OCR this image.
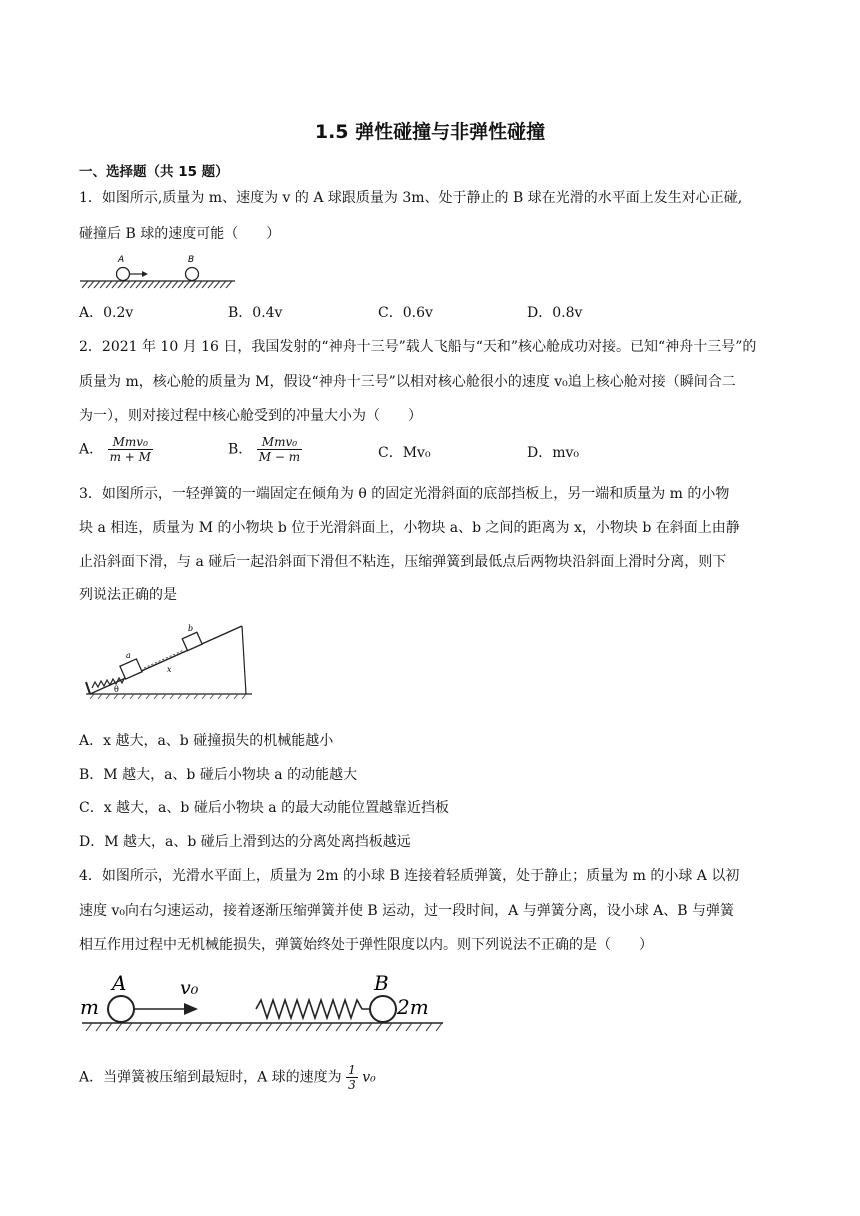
1.5 弹性碰撞与非弹性碰撞
一、选择题（共 15 题）
1．如图所示,质量为 m、速度为 v 的 A 球跟质量为 3m、处于静止的 B 球在光滑的水平面上发生对心正碰,
碰撞后 B 球的速度可能（　　）
A	B
A．0.2v	B．0.4v	C．0.6v	D．0.8v
2．2021 年 10 月 16 日，我国发射的“神舟十三号”载人飞船与“天和”核心舱成功对接。已知“神舟十三号”的
质量为 m，核心舱的质量为 M，假设“神舟十三号”以相对核心舱很小的速度 v₀追上核心舱对接（瞬间合二
为一），则对接过程中核心舱受到的冲量大小为（　　）
A． $\frac{\text{Mmv₀}}{m + M}$	B． $\frac{\text{Mmv₀}}{M - m}$	C．Mv₀	D．mv₀
3．如图所示，一轻弹簧的一端固定在倾角为 θ 的固定光滑斜面的底部挡板上，另一端和质量为 m 的小物
块 a 相连，质量为 M 的小物块 b 位于光滑斜面上，小物块 a、b 之间的距离为 x，小物块 b 在斜面上由静
止沿斜面下滑，与 a 碰后一起沿斜面下滑但不粘连，压缩弹簧到最低点后两物块沿斜面上滑时分离，则下
列说法正确的是
a
b
x
θ
A．x 越大，a、b 碰撞损失的机械能越小
B．M 越大，a、b 碰后小物块 a 的动能越大
C．x 越大，a、b 碰后小物块 a 的最大动能位置越靠近挡板
D．M 越大，a、b 碰后上滑到达的分离处离挡板越远
4．如图所示，光滑水平面上，质量为 2m 的小球 B 连接着轻质弹簧，处于静止；质量为 m 的小球 A 以初
速度 v₀向右匀速运动，接着逐渐压缩弹簧并使 B 运动，过一段时间，A 与弹簧分离，设小球 A、B 与弹簧
相互作用过程中无机械能损失，弹簧始终处于弹性限度以内。则下列说法不正确的是（　　）
m
A	v₀	B
2m
A．当弹簧被压缩到最短时，A 球的速度为 $\frac{1}{3} v_0$
